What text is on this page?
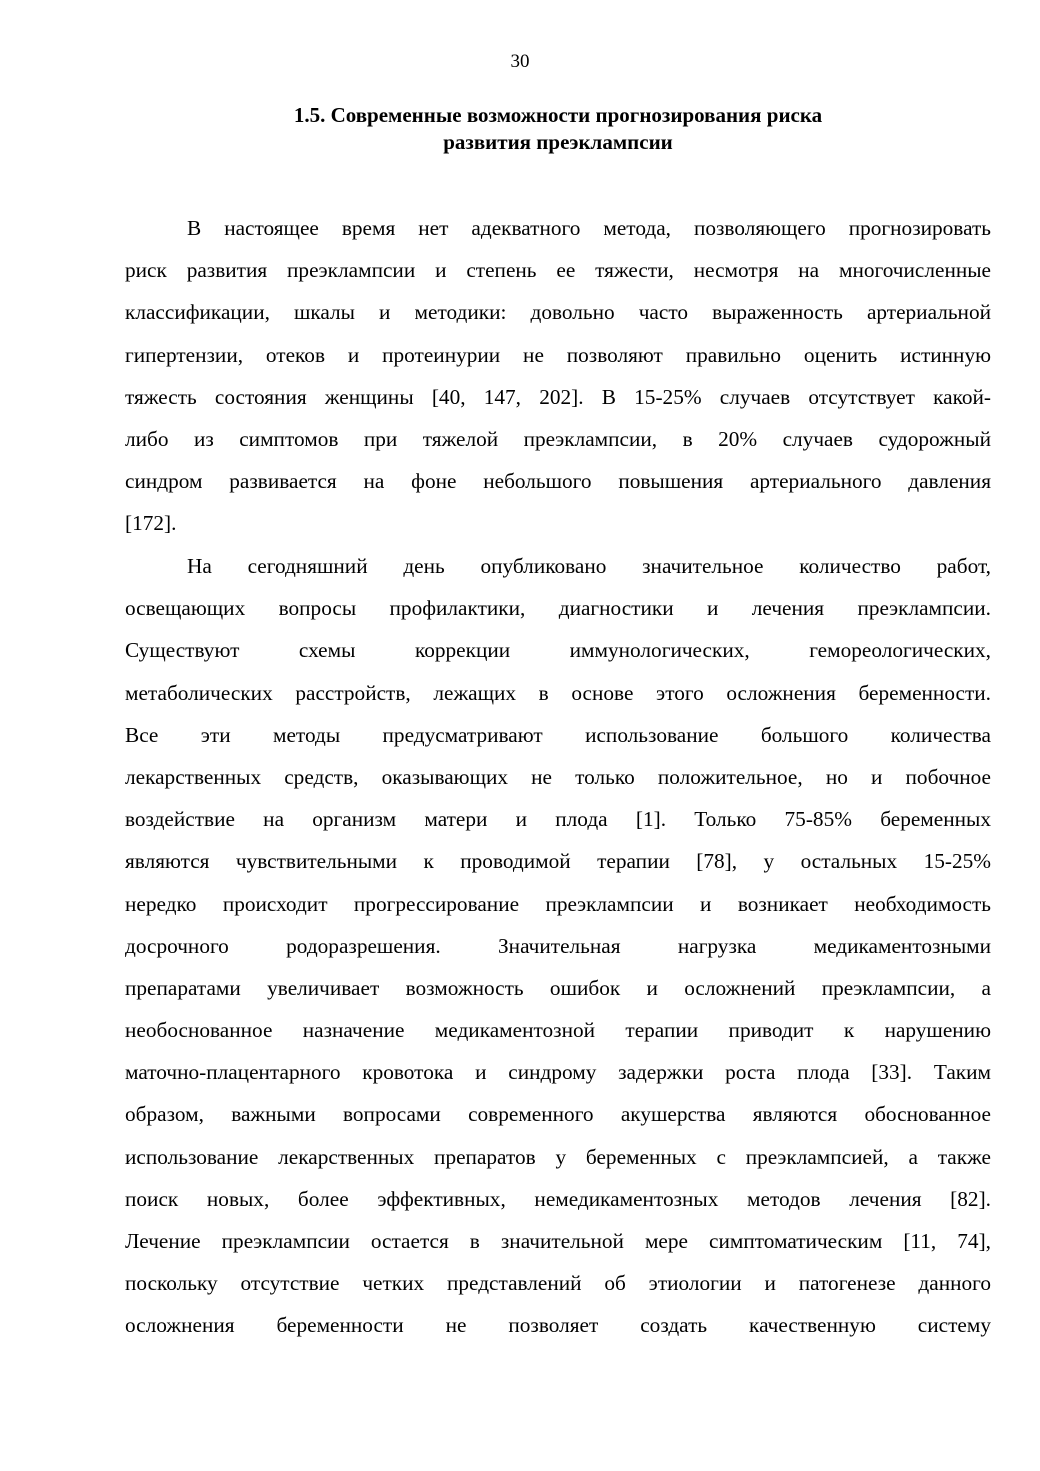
30
1.5. Современные возможности прогнозирования риска
развития преэклампсии
В настоящее время нет адекватного метода, позволяющего прогнозировать
риск развития преэклампсии и степень ее тяжести, несмотря на многочисленные
классификации, шкалы и методики: довольно часто выраженность артериальной
гипертензии, отеков и протеинурии не позволяют правильно оценить истинную
тяжесть состояния женщины [40, 147, 202]. В 15-25% случаев отсутствует какой-
либо из симптомов при тяжелой преэклампсии, в 20% случаев судорожный
синдром развивается на фоне небольшого повышения артериального давления
[172].
На сегодняшний день опубликовано значительное количество работ,
освещающих вопросы профилактики, диагностики и лечения преэклампсии.
Существуют схемы коррекции иммунологических, гемореологических,
метаболических расстройств, лежащих в основе этого осложнения беременности.
Все эти методы предусматривают использование большого количества
лекарственных средств, оказывающих не только положительное, но и побочное
воздействие на организм матери и плода [1]. Только 75-85% беременных
являются чувствительными к проводимой терапии [78], у остальных 15-25%
нередко происходит прогрессирование преэклампсии и возникает необходимость
досрочного родоразрешения. Значительная нагрузка медикаментозными
препаратами увеличивает возможность ошибок и осложнений преэклампсии, а
необоснованное назначение медикаментозной терапии приводит к нарушению
маточно-плацентарного кровотока и синдрому задержки роста плода [33]. Таким
образом, важными вопросами современного акушерства являются обоснованное
использование лекарственных препаратов у беременных с преэклампсией, а также
поиск новых, более эффективных, немедикаментозных методов лечения [82].
Лечение преэклампсии остается в значительной мере симптоматическим [11, 74],
поскольку отсутствие четких представлений об этиологии и патогенезе данного
осложнения беременности не позволяет создать качественную систему
